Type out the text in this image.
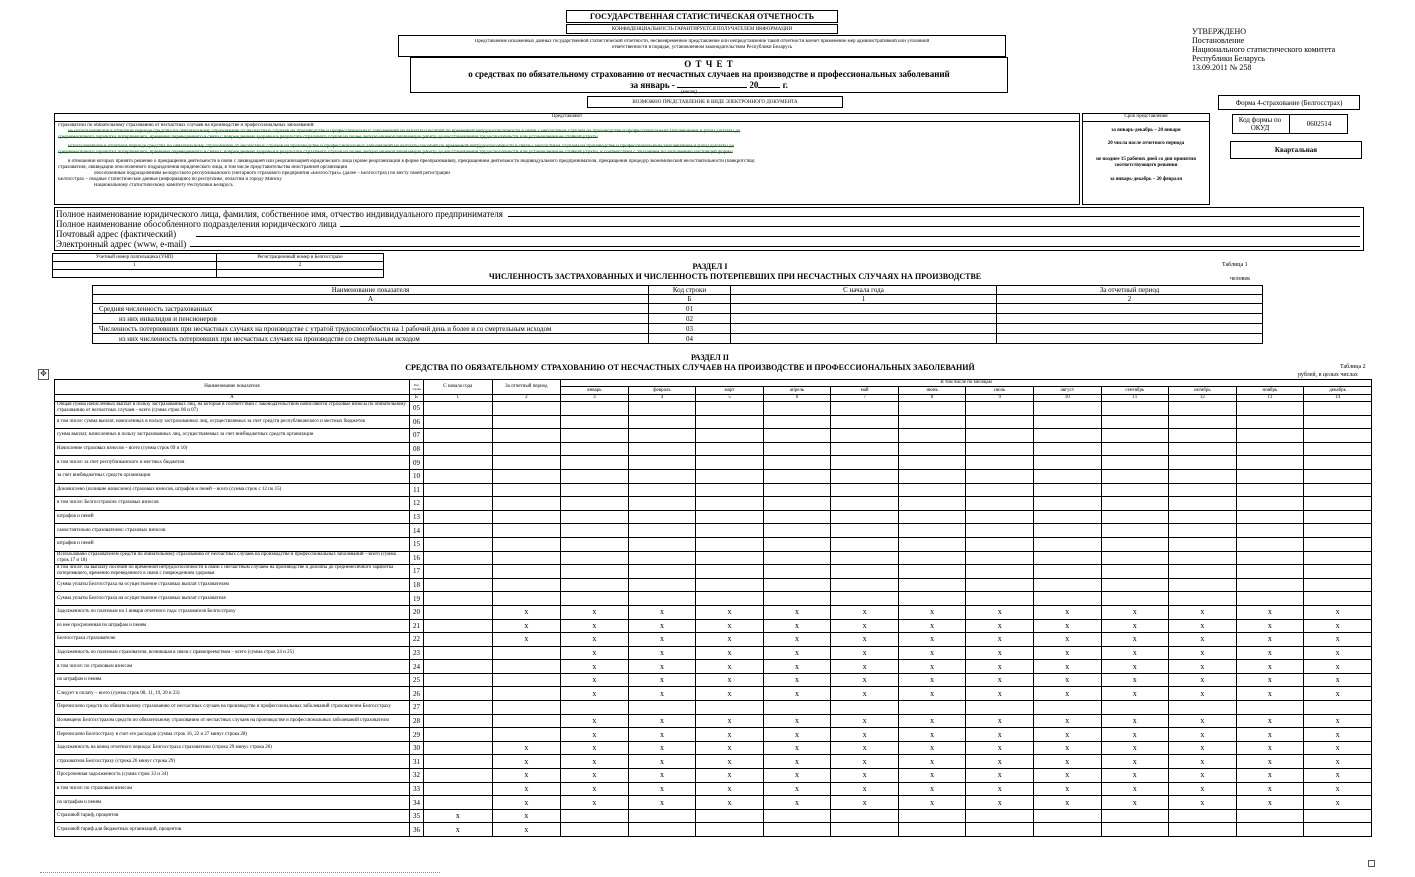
ГОСУДАРСТВЕННАЯ СТАТИСТИЧЕСКАЯ ОТЧЕТНОСТЬ
КОНФИДЕНЦИАЛЬНОСТЬ ГАРАНТИРУЕТСЯ ПОЛУЧАТЕЛЕМ ИНФОРМАЦИИ
Представление искаженных данных государственной статистической отчетности, несвоевременное представление или непредставление такой отчетности влечет применение мер административной или уголовной
ответственности в порядке, установленном законодательством Республики Беларусь
О Т Ч Е Т
о средствах по обязательному страхованию от несчастных случаев на производстве и профессиональных заболеваний
за январь -	20	г.
(месяц)
ВОЗМОЖНО ПРЕДСТАВЛЕНИЕ В ВИДЕ ЭЛЕКТРОННОГО ДОКУМЕНТА
УТВЕРЖДЕНО
Постановление
Национального статистического комитета
Республики Беларусь
13.09.2011 № 258
Форма 4-страхование (Белгосстрах)
Код формы по ОКУД	0602514
Квартальная
Представляют
страхователи по обязательному страхованию от несчастных случаев на производстве и профессиональных заболеваний:
не использовавшие в отчетном периоде средства по обязательному страхованию от несчастных случаев на производстве и профессиональных заболеваний на выплаты пособий по временной нетрудоспособности в связи с несчастным случаем на производстве и профессиональным заболеванием и (или) доплаты до
среднемесячного заработка потерпевшего, временно переведенного в связи с повреждением здоровья в результате страхового случая на более легкую нижеоплачиваемую работу до восстановления трудоспособности или установления ее стойкой утраты
использовавшие в отчетном периоде средства по обязательному страхованию от несчастных случаев на производстве и профессиональных заболеваний на выплаты пособий по временной нетрудоспособности в связи с несчастным случаем на производстве и профессиональным заболеванием и (или) доплаты до
среднемесячного заработка потерпевшего, временно переведенного в связи с повреждением здоровья в результате страхового случая на более легкую нижеоплачиваемую работу до восстановления трудоспособности или установления ее стойкой утраты, в соответствии с Указанием по заполнению настоящей формы
в отношении которых принято решение о прекращении деятельности в связи с ликвидацией или реорганизацией юридического лица (кроме реорганизации в форме преобразования), прекращением деятельности индивидуального предпринимателя, прекращении процедур экономической несостоятельности (банкротства)
страхователя, ликвидации обособленного подразделения юридического лица, в том числе представительства иностранной организации
обособленным подразделениям Белорусского республиканского унитарного страхового предприятия «Белгосстрах» (далее – Белгосстрах) по месту своей регистрации
Белгосстрах – сводные статистические данные (информацию) по республике, областям и городу Минску
Национальному статистическому комитету Республики Беларусь
Срок представления
за январь-декабрь – 20 января
20 числа после отчетного периода
не позднее 15 рабочих дней со дня принятия соответствующего решения
за январь-декабрь – 20 февраля
Полное наименование юридического лица, фамилия, собственное имя, отчество индивидуального предпринимателя
Полное наименование обособленного подразделения юридического лица
Почтовый адрес (фактический)
Электронный адрес (www, e-mail)
Учетный номер плательщика (УНП)	Регистрационный номер в Белгосстрахе
1	2
		РАЗДЕЛ I
ЧИСЛЕННОСТЬ ЗАСТРАХОВАННЫХ И ЧИСЛЕННОСТЬ ПОТЕРПЕВШИХ ПРИ НЕСЧАСТНЫХ СЛУЧАЯХ НА ПРОИЗВОДСТВЕ
Таблица 1
человек
Наименование показателя	Код строки	С начала года	За отчетный период
А	Б	1	2
Средняя численность застрахованных	01		
из них инвалидов и пенсионеров	02		
Численность потерпевших при несчастных случаях на производстве с утратой трудоспособности на 1 рабочий день и более и со смертельным исходом	03		
из них численность потерпевших при несчастных случаях на производстве со смертельным исходом	04		
РАЗДЕЛ II
СРЕДСТВА ПО ОБЯЗАТЕЛЬНОМУ СТРАХОВАНИЮ ОТ НЕСЧАСТНЫХ СЛУЧАЕВ НА ПРОИЗВОДСТВЕ И ПРОФЕССИОНАЛЬНЫХ ЗАБОЛЕВАНИЙ	Таблица 2
рублей, в целых числах
✥
Наименование показателя	Код строки	С начала года	За отчетный период	В том числе по месяцам											
				январь	февраль	март	апрель	май	июнь	июль	август	сентябрь	октябрь	ноябрь	декабрь
А	Б	1	2	3	4	5	6	7	8	9	10	11	12	13	14
Общая сумма начисленных выплат в пользу застрахованных лиц, на которые в соответствии с законодательством начисляются страховые взносы по обязательному страхованию от несчастных случаев – всего (сумма строк 06 и 07)	05														
в том числе: сумма выплат, начисленных в пользу застрахованных лиц, осуществляемых за счет средств республиканского и местных бюджетов	06														
сумма выплат, начисленных в пользу застрахованных лиц, осуществляемых за счет внебюджетных средств организации	07														
Начисление страховых взносов – всего (сумма строк 09 и 10)	08														
в том числе: за счет республиканского и местных бюджетов	09														
за счет внебюджетных средств организации	10														
Доначислено (излишне начислено) страховых взносов, штрафов и пеней – всего (сумма строк с 12 по 15)	11														
в том числе: Белгосстрахом: страховых взносов	12														
штрафов и пеней	13														
самостоятельно страхователем: страховых взносов	14														
штрафов и пеней	15														
Использовано страхователем средств по обязательному страхованию от несчастных случаев на производстве и профессиональных заболеваний – всего (сумма строк 17 и 18)	16														
в том числе: на выплату пособий по временной нетрудоспособности в связи с несчастным случаем на производстве и доплаты до среднемесячного заработка потерпевшего, временно переведенного в связи с повреждением здоровья	17														
Сумма уплаты Белгосстраха на осуществление страховых выплат страхователям	18														
Сумма уплаты Белгосстраха на осуществление страховых выплат страхователя	19														
Задолженность по платежам на 1 января отчетного года: страхователя Белгосстраху	20		х	х	х	х	х	х	х	х	х	х	х	х	х
из нее просроченная по штрафам и пеням	21		х	х	х	х	х	х	х	х	х	х	х	х	х
Белгосстраха страхователю	22		х	х	х	х	х	х	х	х	х	х	х	х	х
Задолженность по платежам страхователя, возникшая в связи с правопреемством – всего (сумма строк 24 и 25)	23			х	х	х	х	х	х	х	х	х	х	х	х
в том числе: по страховым взносам	24			х	х	х	х	х	х	х	х	х	х	х	х
по штрафам и пеням	25			х	х	х	х	х	х	х	х	х	х	х	х
Следует к оплату – всего (сумма строк 08, 11, 19, 20 и 23)	26			х	х	х	х	х	х	х	х	х	х	х	х
Перечислено средств по обязательному страхованию от несчастных случаев на производстве и профессиональных заболеваний страхователем Белгосстраху	27														
Возмещено Белгосстрахом средств по обязательному страхованию от несчастных случаев на производстве и профессиональных заболеваний страхователю	28			х	х	х	х	х	х	х	х	х	х	х	х
Перечислено Белгосстраху в счет его расходов (сумма строк 16, 22 и 27 минус строка 28)	29			х	х	х	х	х	х	х	х	х	х	х	х
Задолженность на конец отчетного периода: Белгосстраха страхователю (строка 29 минус строка 26)	30		х	х	х	х	х	х	х	х	х	х	х	х	х
страхователя Белгосстраху (строка 26 минус строка 29)	31		х	х	х	х	х	х	х	х	х	х	х	х	х
Просроченная задолженность (сумма строк 33 и 34)	32		х	х	х	х	х	х	х	х	х	х	х	х	х
в том числе: по страховым взносам	33		х	х	х	х	х	х	х	х	х	х	х	х	х
по штрафам и пеням	34		х	х	х	х	х	х	х	х	х	х	х	х	х
Страховой тариф, процентов	35	х	х												
Страховой тариф для бюджетных организаций, процентов	36	х	х												
